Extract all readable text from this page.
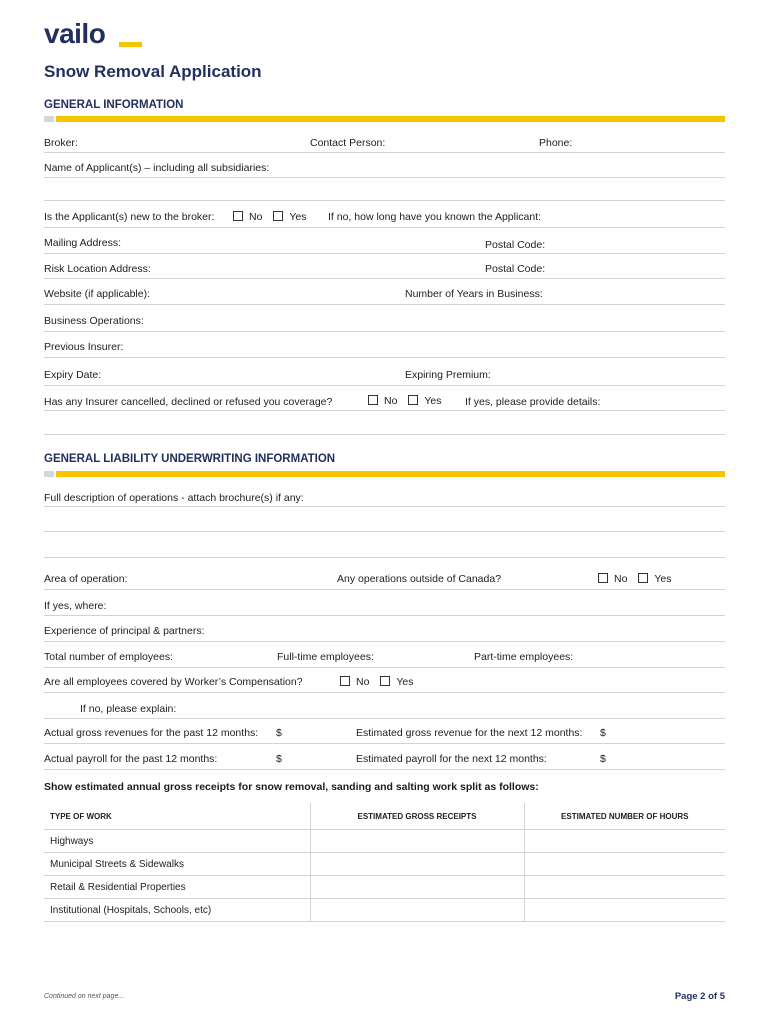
vailo
Snow Removal Application
GENERAL INFORMATION
Broker:	Contact Person:	Phone:
Name of Applicant(s) – including all subsidiaries:
Is the Applicant(s) new to the broker:	No	Yes	If no, how long have you known the Applicant:
Mailing Address:	Postal Code:
Risk Location Address:	Postal Code:
Website (if applicable):	Number of Years in Business:
Business Operations:
Previous Insurer:
Expiry Date:	Expiring Premium:
Has any Insurer cancelled, declined or refused you coverage?	No	Yes	If yes, please provide details:
GENERAL LIABILITY UNDERWRITING INFORMATION
Full description of operations - attach brochure(s) if any:
Area of operation:	Any operations outside of Canada?	No	Yes
If yes, where:
Experience of principal & partners:
Total number of employees:	Full-time employees:	Part-time employees:
Are all employees covered by Worker’s Compensation?	No	Yes
If no, please explain:
Actual gross revenues for the past 12 months: $	Estimated gross revenue for the next 12 months: $
Actual payroll for the past 12 months:	$	Estimated payroll for the next 12 months:	$
Show estimated annual gross receipts for snow removal, sanding and salting work split as follows:
TYPE OF WORK	ESTIMATED GROSS RECEIPTS	ESTIMATED NUMBER OF HOURS
Highways		
Municipal Streets & Sidewalks		
Retail & Residential Properties		
Institutional (Hospitals, Schools, etc)		
Continued on next page...	Page 2 of 5
